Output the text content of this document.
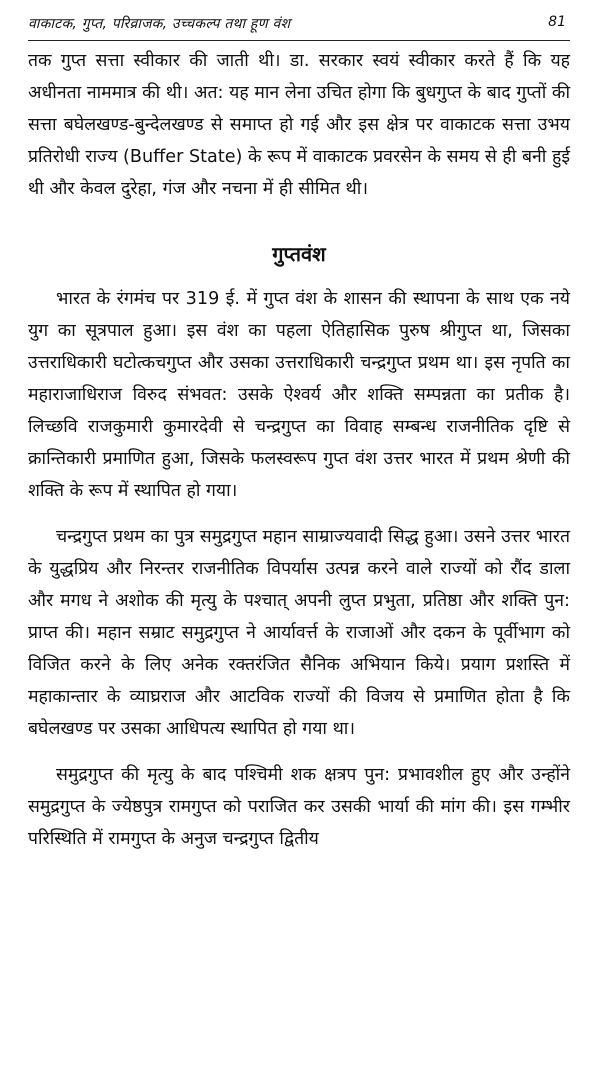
वाकाटक, गुप्त, परिव्राजक, उच्चकल्प तथा हूण वंश	81

तक गुप्त सत्ता स्वीकार की जाती थी। डा. सरकार स्वयं स्वीकार करते हैं कि यह अधीनता नाममात्र की थी। अत: यह मान लेना उचित होगा कि बुधगुप्त के बाद गुप्तों की सत्ता बघेलखण्ड-बुन्देलखण्ड से समाप्त हो गई और इस क्षेत्र पर वाकाटक सत्ता उभय प्रतिरोधी राज्य (Buffer State) के रूप में वाकाटक प्रवरसेन के समय से ही बनी हुई थी और केवल दुरेहा, गंज और नचना में ही सीमित थी।

गुप्तवंश

भारत के रंगमंच पर 319 ई. में गुप्त वंश के शासन की स्थापना के साथ एक नये युग का सूत्रपाल हुआ। इस वंश का पहला ऐतिहासिक पुरुष श्रीगुप्त था, जिसका उत्तराधिकारी घटोत्कचगुप्त और उसका उत्तराधिकारी चन्द्रगुप्त प्रथम था। इस नृपति का महाराजाधिराज विरुद संभवत: उसके ऐश्वर्य और शक्ति सम्पन्नता का प्रतीक है। लिच्छवि राजकुमारी कुमारदेवी से चन्द्रगुप्त का विवाह सम्बन्ध राजनीतिक दृष्टि से क्रान्तिकारी प्रमाणित हुआ, जिसके फलस्वरूप गुप्त वंश उत्तर भारत में प्रथम श्रेणी की शक्ति के रूप में स्थापित हो गया।

चन्द्रगुप्त प्रथम का पुत्र समुद्रगुप्त महान साम्राज्यवादी सिद्ध हुआ। उसने उत्तर भारत के युद्धप्रिय और निरन्तर राजनीतिक विपर्यास उत्पन्न करने वाले राज्यों को रौंद डाला और मगध ने अशोक की मृत्यु के पश्चात् अपनी लुप्त प्रभुता, प्रतिष्ठा और शक्ति पुन: प्राप्त की। महान सम्राट समुद्रगुप्त ने आर्यावर्त्त के राजाओं और दकन के पूर्वीभाग को विजित करने के लिए अनेक रक्तरंजित सैनिक अभियान किये। प्रयाग प्रशस्ति में महाकान्तार के व्याघ्रराज और आटविक राज्यों की विजय से प्रमाणित होता है कि बघेलखण्ड पर उसका आधिपत्य स्थापित हो गया था।

समुद्रगुप्त की मृत्यु के बाद पश्चिमी शक क्षत्रप पुन: प्रभावशील हुए और उन्होंने समुद्रगुप्त के ज्येष्ठपुत्र रामगुप्त को पराजित कर उसकी भार्या की मांग की। इस गम्भीर परिस्थिति में रामगुप्त के अनुज चन्द्रगुप्त द्वितीय
